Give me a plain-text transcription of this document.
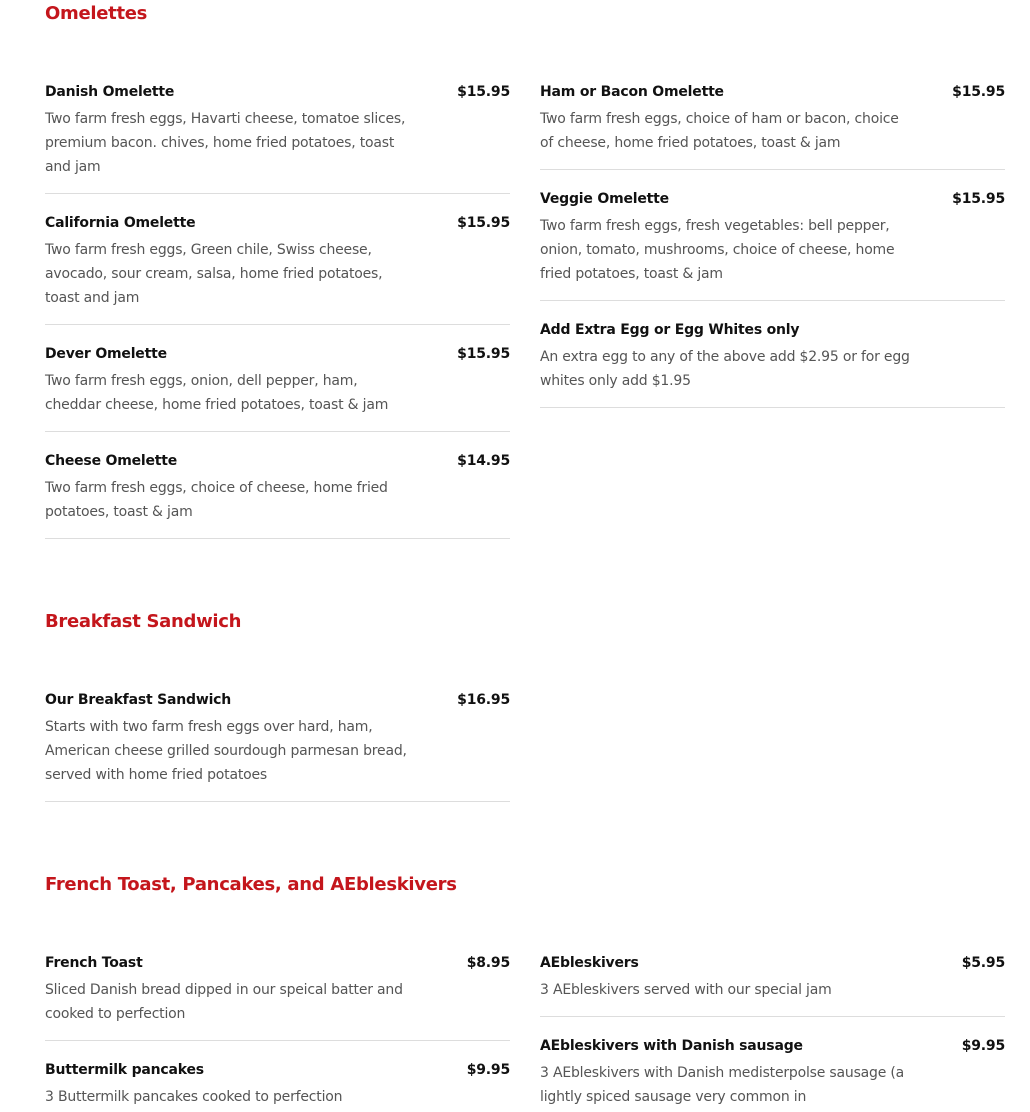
Omelettes
Danish Omelette	$15.95
Two farm fresh eggs, Havarti cheese, tomatoe slices, premium bacon. chives, home fried potatoes, toast and jam
California Omelette	$15.95
Two farm fresh eggs, Green chile, Swiss cheese, avocado, sour cream, salsa, home fried potatoes, toast and jam
Dever Omelette	$15.95
Two farm fresh eggs, onion, dell pepper, ham, cheddar cheese, home fried potatoes, toast & jam
Cheese Omelette	$14.95
Two farm fresh eggs, choice of cheese, home fried potatoes, toast & jam
Ham or Bacon Omelette	$15.95
Two farm fresh eggs, choice of ham or bacon, choice of cheese, home fried potatoes, toast & jam
Veggie Omelette	$15.95
Two farm fresh eggs, fresh vegetables: bell pepper, onion, tomato, mushrooms, choice of cheese, home fried potatoes, toast & jam
Add Extra Egg or Egg Whites only
An extra egg to any of the above add $2.95 or for egg whites only add $1.95
Breakfast Sandwich
Our Breakfast Sandwich	$16.95
Starts with two farm fresh eggs over hard, ham, American cheese grilled sourdough parmesan bread, served with home fried potatoes
French Toast, Pancakes, and AEbleskivers
French Toast	$8.95
Sliced Danish bread dipped in our speical batter and cooked to perfection
Buttermilk pancakes	$9.95
3 Buttermilk pancakes cooked to perfection
AEbleskivers	$5.95
3 AEbleskivers served with our special jam
AEbleskivers with Danish sausage	$9.95
3 AEbleskivers with Danish medisterpolse sausage (a lightly spiced sausage very common in
